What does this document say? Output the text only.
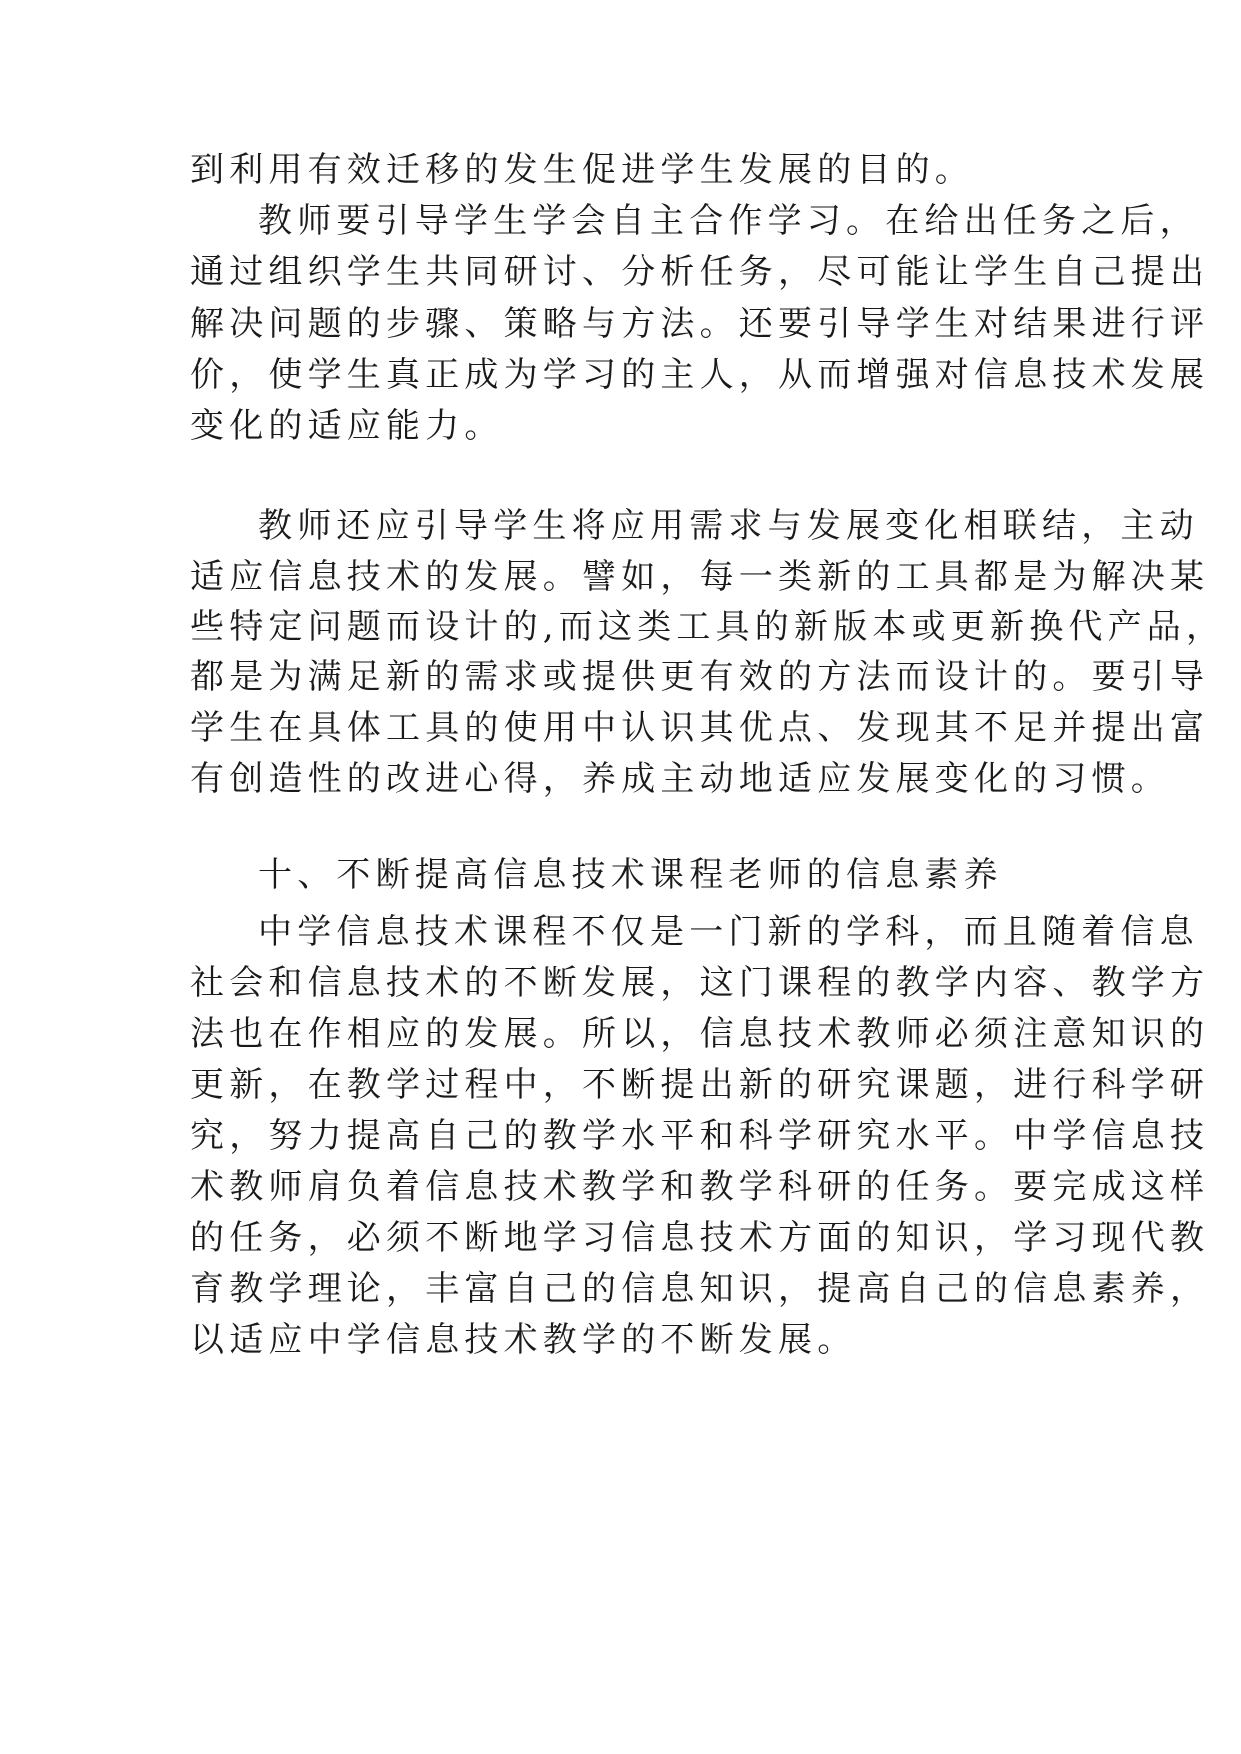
到利用有效迁移的发生促进学生发展的目的。
教师要引导学生学会自主合作学习。在给出任务之后，
通过组织学生共同研讨、分析任务，尽可能让学生自己提出
解决问题的步骤、策略与方法。还要引导学生对结果进行评
价，使学生真正成为学习的主人，从而增强对信息技术发展
变化的适应能力。
教师还应引导学生将应用需求与发展变化相联结，主动
适应信息技术的发展。譬如，每一类新的工具都是为解决某
些特定问题而设计的,而这类工具的新版本或更新换代产品，
都是为满足新的需求或提供更有效的方法而设计的。要引导
学生在具体工具的使用中认识其优点、发现其不足并提出富
有创造性的改进心得，养成主动地适应发展变化的习惯。
十、不断提高信息技术课程老师的信息素养
中学信息技术课程不仅是一门新的学科，而且随着信息
社会和信息技术的不断发展，这门课程的教学内容、教学方
法也在作相应的发展。所以，信息技术教师必须注意知识的
更新，在教学过程中，不断提出新的研究课题，进行科学研
究，努力提高自己的教学水平和科学研究水平。中学信息技
术教师肩负着信息技术教学和教学科研的任务。要完成这样
的任务，必须不断地学习信息技术方面的知识，学习现代教
育教学理论，丰富自己的信息知识，提高自己的信息素养，
以适应中学信息技术教学的不断发展。
